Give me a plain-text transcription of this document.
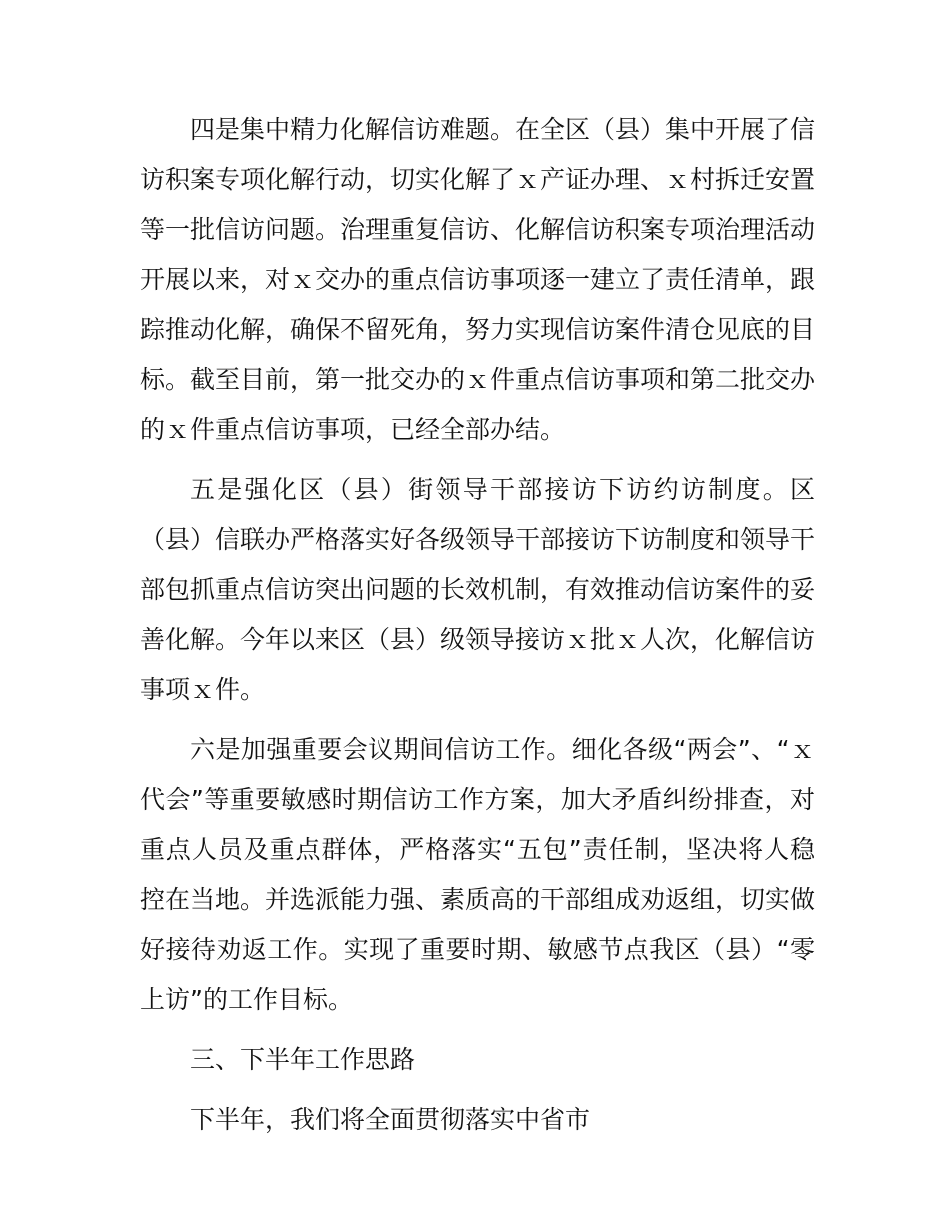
四是集中精力化解信访难题。在全区（县）集中开展了信访积案专项化解行动，切实化解了ｘ产证办理、ｘ村拆迁安置等一批信访问题。治理重复信访、化解信访积案专项治理活动开展以来，对ｘ交办的重点信访事项逐一建立了责任清单，跟踪推动化解，确保不留死角，努力实现信访案件清仓见底的目标。截至目前，第一批交办的ｘ件重点信访事项和第二批交办的ｘ件重点信访事项，已经全部办结。

五是强化区（县）街领导干部接访下访约访制度。区（县）信联办严格落实好各级领导干部接访下访制度和领导干部包抓重点信访突出问题的长效机制，有效推动信访案件的妥善化解。今年以来区（县）级领导接访ｘ批ｘ人次，化解信访事项ｘ件。

六是加强重要会议期间信访工作。细化各级“两会”、“ｘ代会”等重要敏感时期信访工作方案，加大矛盾纠纷排查，对重点人员及重点群体，严格落实“五包”责任制，坚决将人稳控在当地。并选派能力强、素质高的干部组成劝返组，切实做好接待劝返工作。实现了重要时期、敏感节点我区（县）“零上访”的工作目标。

三、下半年工作思路

下半年，我们将全面贯彻落实中省市
